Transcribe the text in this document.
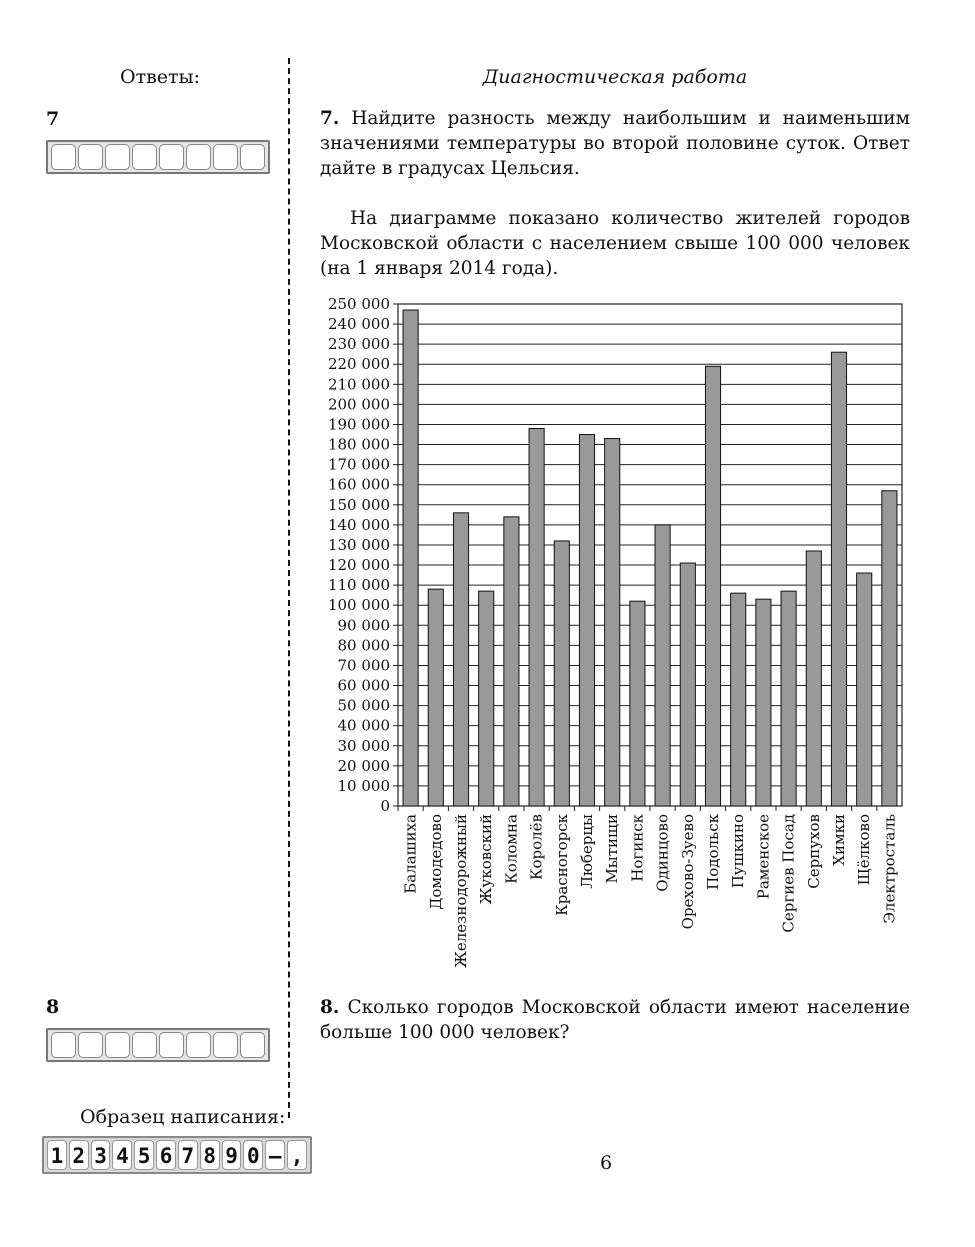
Ответы:	Диагностическая работа
7	7. Найдите разность между наибольшим и наименьшим значениями температуры во второй половине суток. Ответ дайте в градусах Цельсия.
На диаграмме показано количество жителей городов Московской области с населением свыше 100 000 человек (на 1 января 2014 года).
0
10 000
20 000
30 000
40 000
50 000
60 000
70 000
80 000
90 000
100 000
110 000
120 000
130 000
140 000
150 000
160 000
170 000
180 000
190 000
200 000
210 000
220 000
230 000
240 000
250 000
Балашиха Домодедово Железнодорожный Жуковский Коломна Королёв Красногорск Люберцы Мытищи Ногинск Одинцово Орехово-Зуево Подольск Пушкино Раменское Сергиев Посад Серпухов Химки Щёлково Электросталь
8	8. Сколько городов Московской области имеют население больше 100 000 человек?
Образец написания:
1 2 3 4 5 6 7 8 9 0 – ,	6
